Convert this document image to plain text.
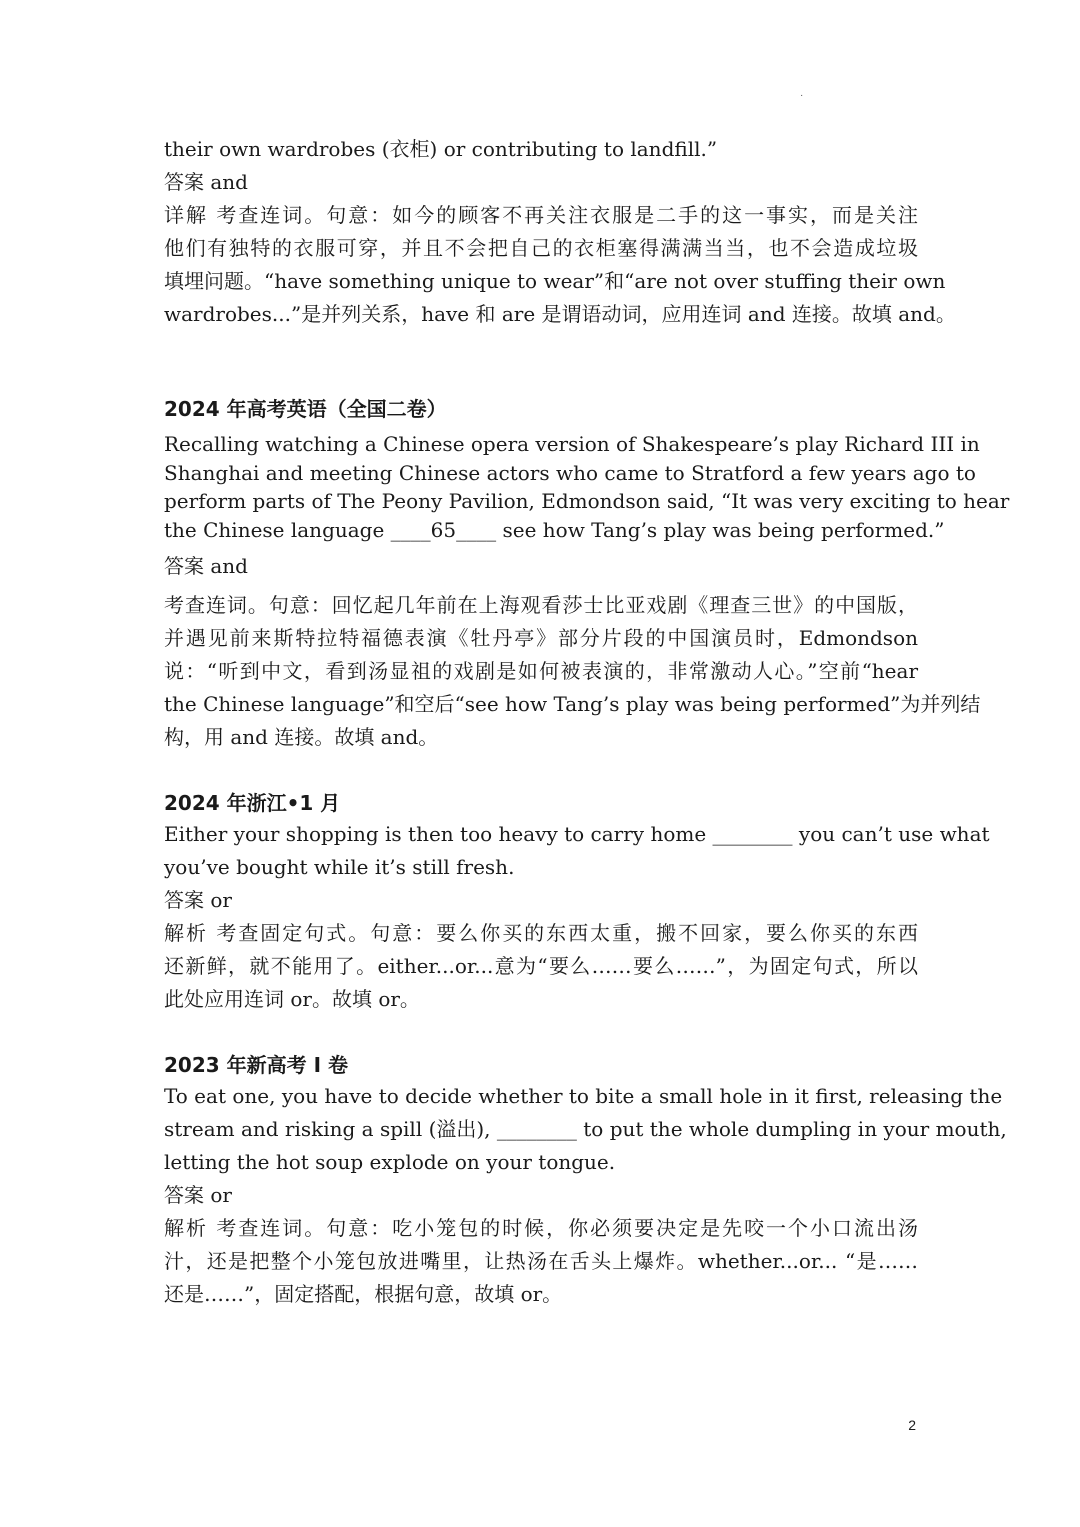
·
their own wardrobes (衣柜) or contributing to landfill.”
答案 and
详解 考查连词。句意：如今的顾客不再关注衣服是二手的这一事实，而是关注
他们有独特的衣服可穿，并且不会把自己的衣柜塞得满满当当，也不会造成垃圾
填埋问题。“have something unique to wear”和“are not over stuffing their own
wardrobes...”是并列关系，have 和 are 是谓语动词，应用连词 and 连接。故填 and。
2024 年高考英语（全国二卷）
Recalling watching a Chinese opera version of Shakespeare’s play Richard III in
Shanghai and meeting Chinese actors who came to Stratford a few years ago to
perform parts of The Peony Pavilion, Edmondson said, “It was very exciting to hear
the Chinese language ____65____ see how Tang’s play was being performed.”
答案 and
考查连词。句意：回忆起几年前在上海观看莎士比亚戏剧《理查三世》的中国版，
并遇见前来斯特拉特福德表演《牡丹亭》部分片段的中国演员时，Edmondson
说：“听到中文，看到汤显祖的戏剧是如何被表演的，非常激动人心。”空前“hear
the Chinese language”和空后“see how Tang’s play was being performed”为并列结
构，用 and 连接。故填 and。
2024 年浙江•1 月
Either your shopping is then too heavy to carry home ________ you can’t use what
you’ve bought while it’s still fresh.
答案 or
解析 考查固定句式。句意：要么你买的东西太重，搬不回家，要么你买的东西
还新鲜，就不能用了。either...or...意为“要么……要么……”，为固定句式，所以
此处应用连词 or。故填 or。
2023 年新高考 I 卷
To eat one, you have to decide whether to bite a small hole in it first, releasing the
stream and risking a spill (溢出), ________ to put the whole dumpling in your mouth,
letting the hot soup explode on your tongue.
答案 or
解析 考查连词。句意：吃小笼包的时候，你必须要决定是先咬一个小口流出汤
汁，还是把整个小笼包放进嘴里，让热汤在舌头上爆炸。whether...or... “是……
还是……”，固定搭配，根据句意，故填 or。
2
